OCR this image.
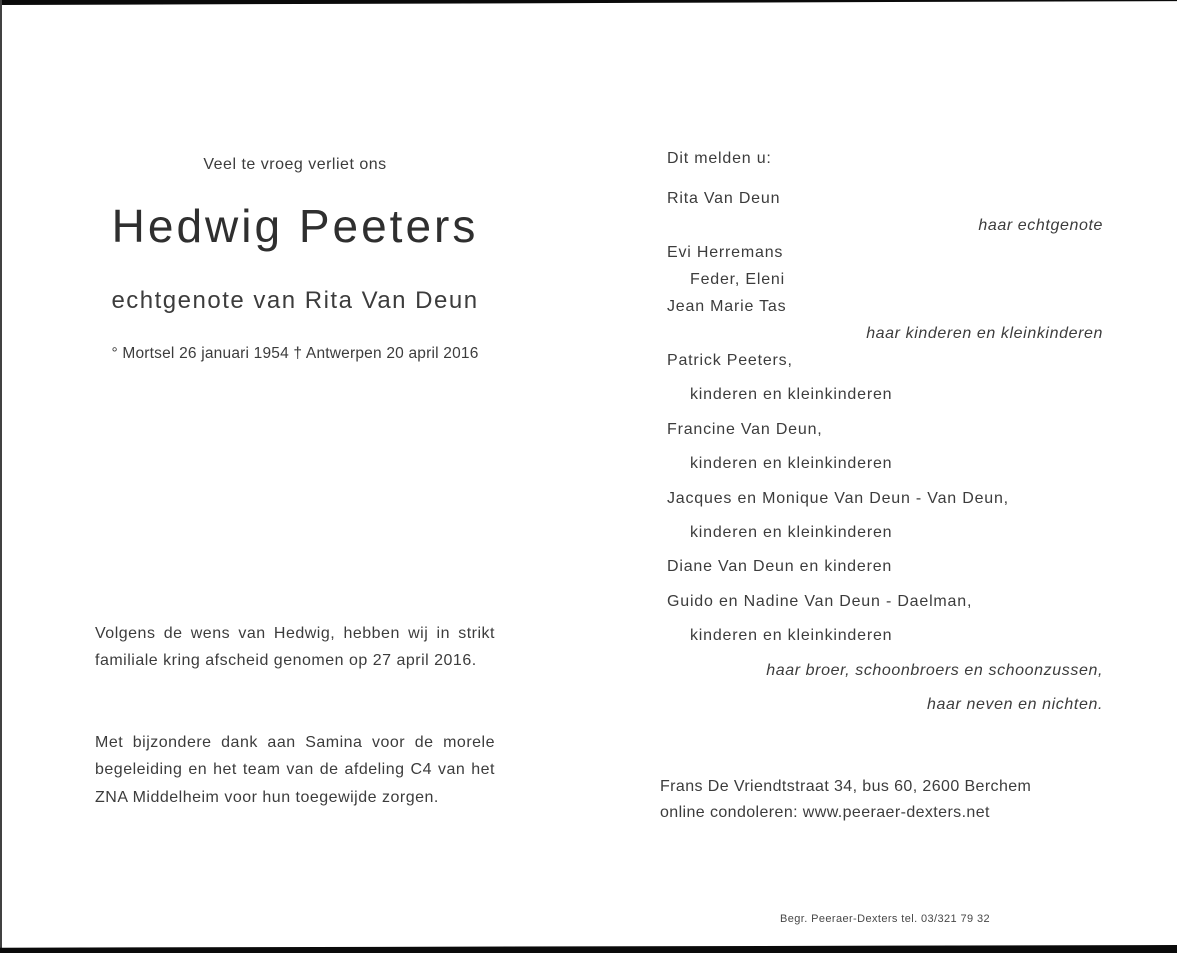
Veel te vroeg verliet ons
Hedwig Peeters
echtgenote van Rita Van Deun
° Mortsel 26 januari 1954 † Antwerpen 20 april 2016
Volgens de wens van Hedwig, hebben wij in strikt familiale kring afscheid genomen op 27 april 2016.
Met bijzondere dank aan Samina voor de morele begeleiding en het team van de afdeling C4 van het ZNA Middelheim voor hun toegewijde zorgen.
Dit melden u:
Rita Van Deun
haar echtgenote
Evi Herremans
Feder, Eleni
Jean Marie Tas
haar kinderen en kleinkinderen
Patrick Peeters,
kinderen en kleinkinderen
Francine Van Deun,
kinderen en kleinkinderen
Jacques en Monique Van Deun - Van Deun,
kinderen en kleinkinderen
Diane Van Deun en kinderen
Guido en Nadine Van Deun - Daelman,
kinderen en kleinkinderen
haar broer, schoonbroers en schoonzussen,
haar neven en nichten.
Frans De Vriendtstraat 34, bus 60, 2600 Berchem
online condoleren: www.peeraer-dexters.net
Begr. Peeraer-Dexters tel. 03/321 79 32
